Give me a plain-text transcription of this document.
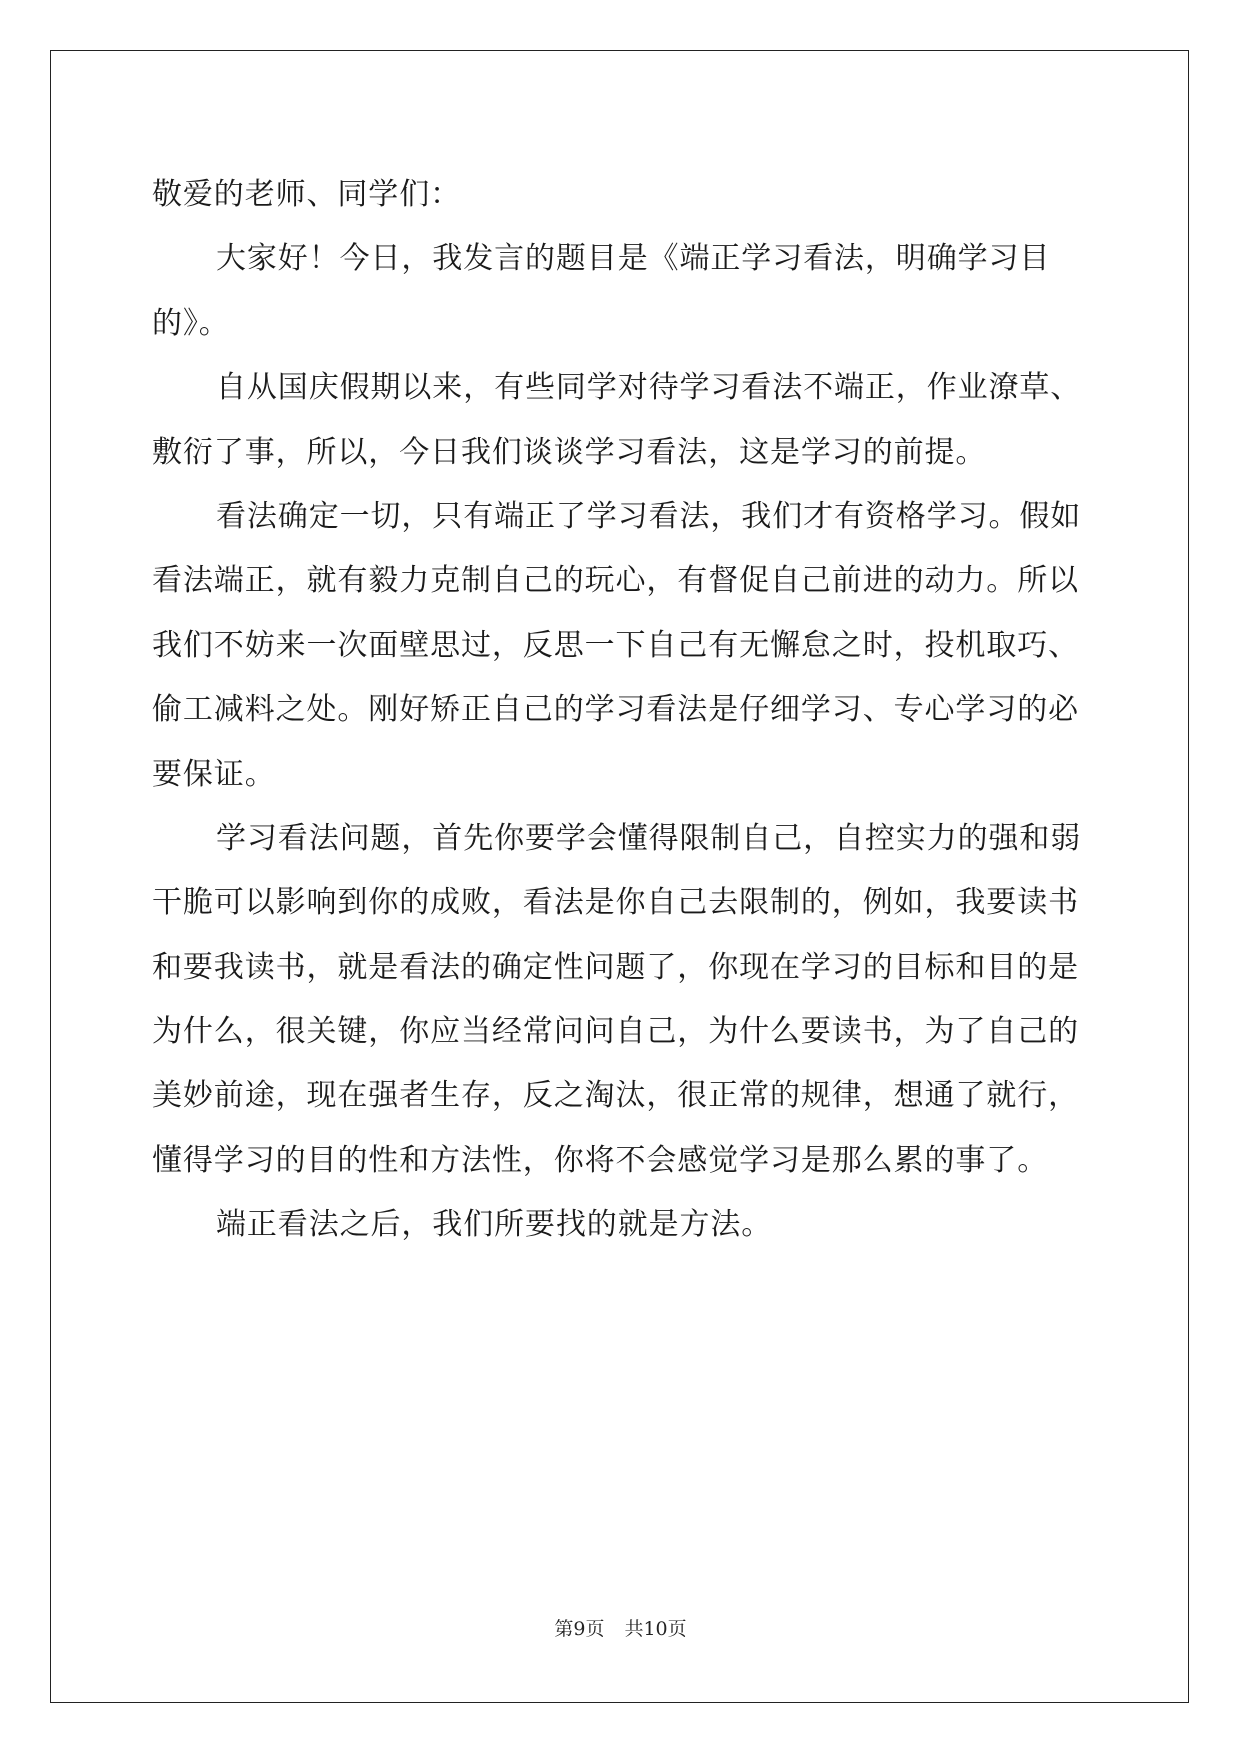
敬爱的老师、同学们：
大家好！今日，我发言的题目是《端正学习看法，明确学习目
的》。
自从国庆假期以来，有些同学对待学习看法不端正，作业潦草、
敷衍了事，所以，今日我们谈谈学习看法，这是学习的前提。
看法确定一切，只有端正了学习看法，我们才有资格学习。假如
看法端正，就有毅力克制自己的玩心，有督促自己前进的动力。所以
我们不妨来一次面壁思过，反思一下自己有无懈怠之时，投机取巧、
偷工减料之处。刚好矫正自己的学习看法是仔细学习、专心学习的必
要保证。
学习看法问题，首先你要学会懂得限制自己，自控实力的强和弱
干脆可以影响到你的成败，看法是你自己去限制的，例如，我要读书
和要我读书，就是看法的确定性问题了，你现在学习的目标和目的是
为什么，很关键，你应当经常问问自己，为什么要读书，为了自己的
美妙前途，现在强者生存，反之淘汰，很正常的规律，想通了就行，
懂得学习的目的性和方法性，你将不会感觉学习是那么累的事了。
端正看法之后，我们所要找的就是方法。
第9页 共10页
